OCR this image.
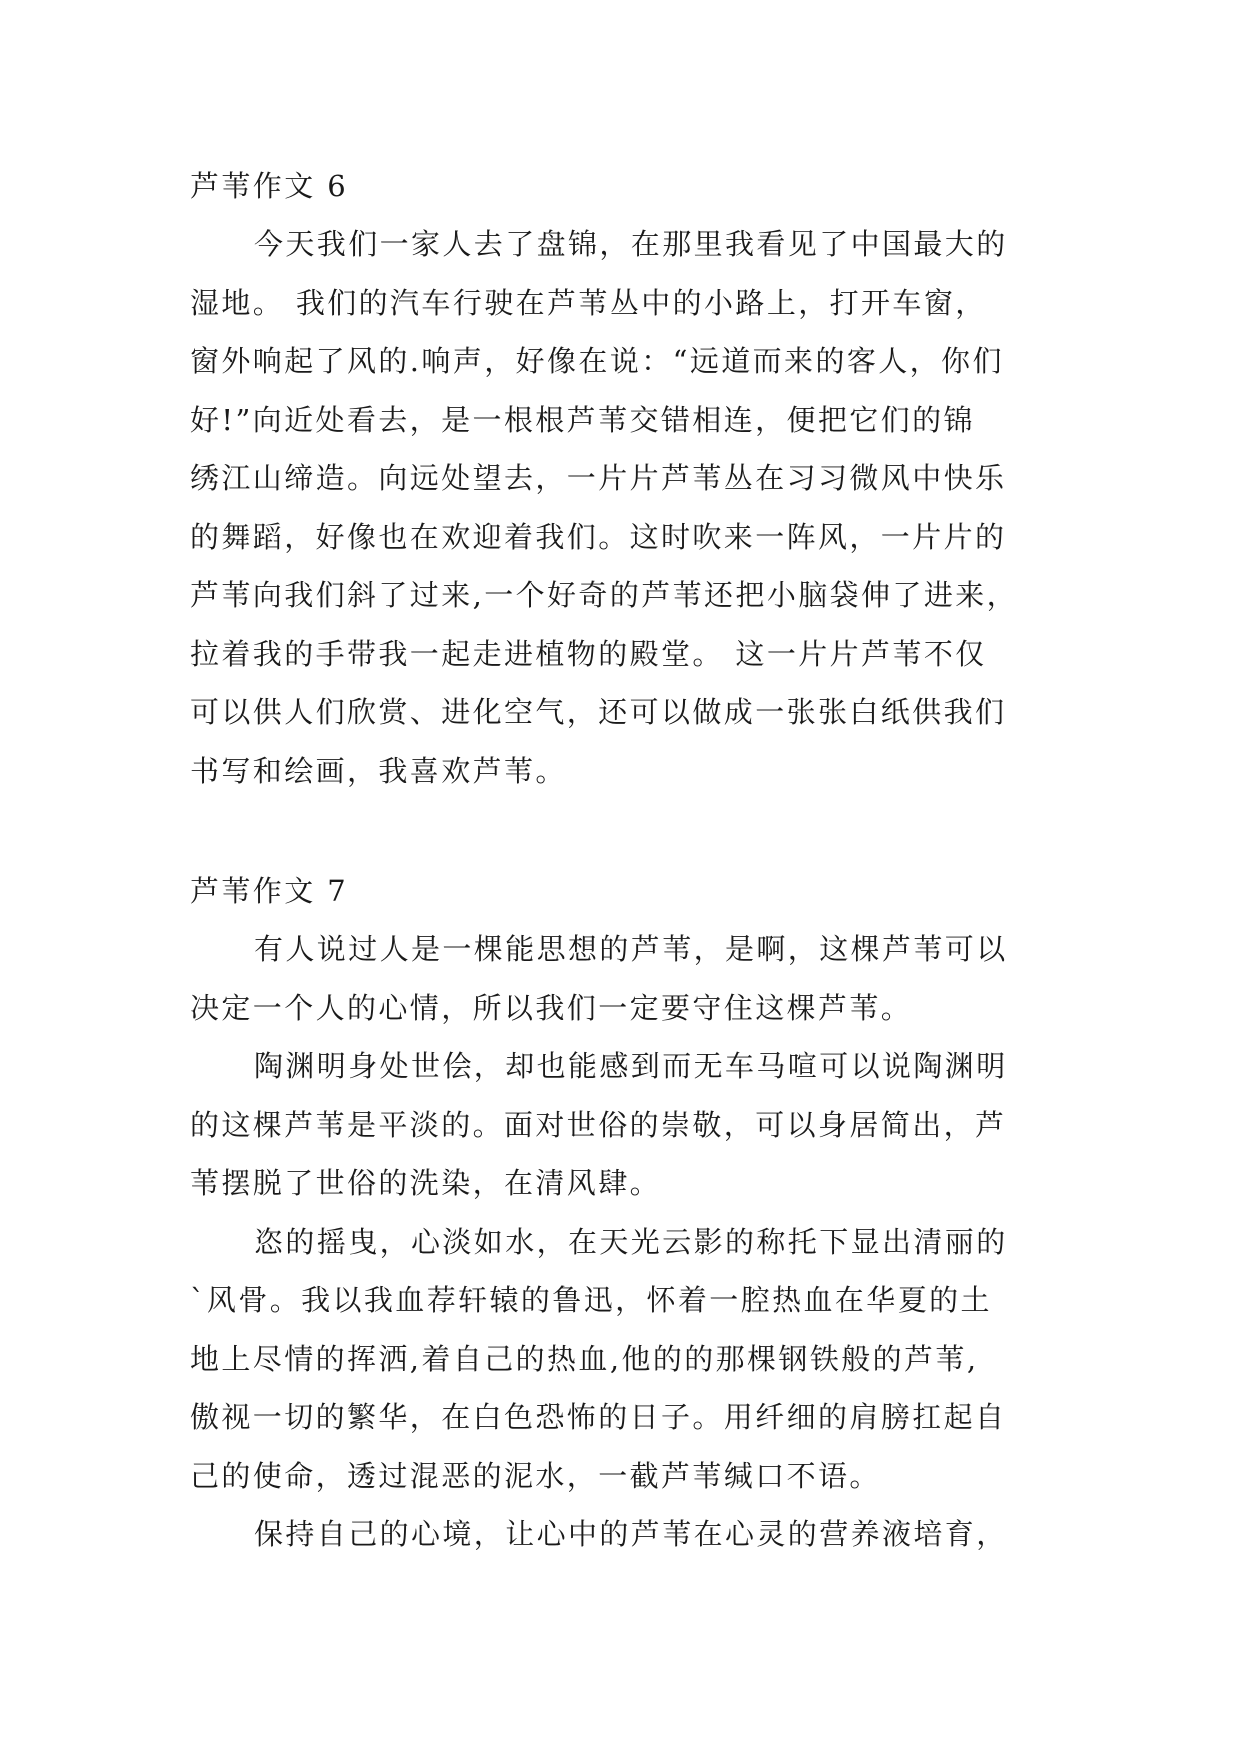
芦苇作文 6
今天我们一家人去了盘锦，在那里我看见了中国最大的
湿地。 我们的汽车行驶在芦苇丛中的小路上，打开车窗，
窗外响起了风的.响声，好像在说：“远道而来的客人，你们
好!”向近处看去，是一根根芦苇交错相连，便把它们的锦
绣江山缔造。向远处望去，一片片芦苇丛在习习微风中快乐
的舞蹈，好像也在欢迎着我们。这时吹来一阵风，一片片的
芦苇向我们斜了过来,一个好奇的芦苇还把小脑袋伸了进来，
拉着我的手带我一起走进植物的殿堂。 这一片片芦苇不仅
可以供人们欣赏、进化空气，还可以做成一张张白纸供我们
书写和绘画，我喜欢芦苇。
芦苇作文 7
有人说过人是一棵能思想的芦苇，是啊，这棵芦苇可以
决定一个人的心情，所以我们一定要守住这棵芦苇。
陶渊明身处世侩，却也能感到而无车马喧可以说陶渊明
的这棵芦苇是平淡的。面对世俗的崇敬，可以身居简出，芦
苇摆脱了世俗的洗染，在清风肆。
恣的摇曳，心淡如水，在天光云影的称托下显出清丽的
`风骨。我以我血荐轩辕的鲁迅，怀着一腔热血在华夏的土
地上尽情的挥洒,着自己的热血,他的的那棵钢铁般的芦苇,
傲视一切的繁华，在白色恐怖的日子。用纤细的肩膀扛起自
己的使命，透过混恶的泥水，一截芦苇缄口不语。
保持自己的心境，让心中的芦苇在心灵的营养液培育，
